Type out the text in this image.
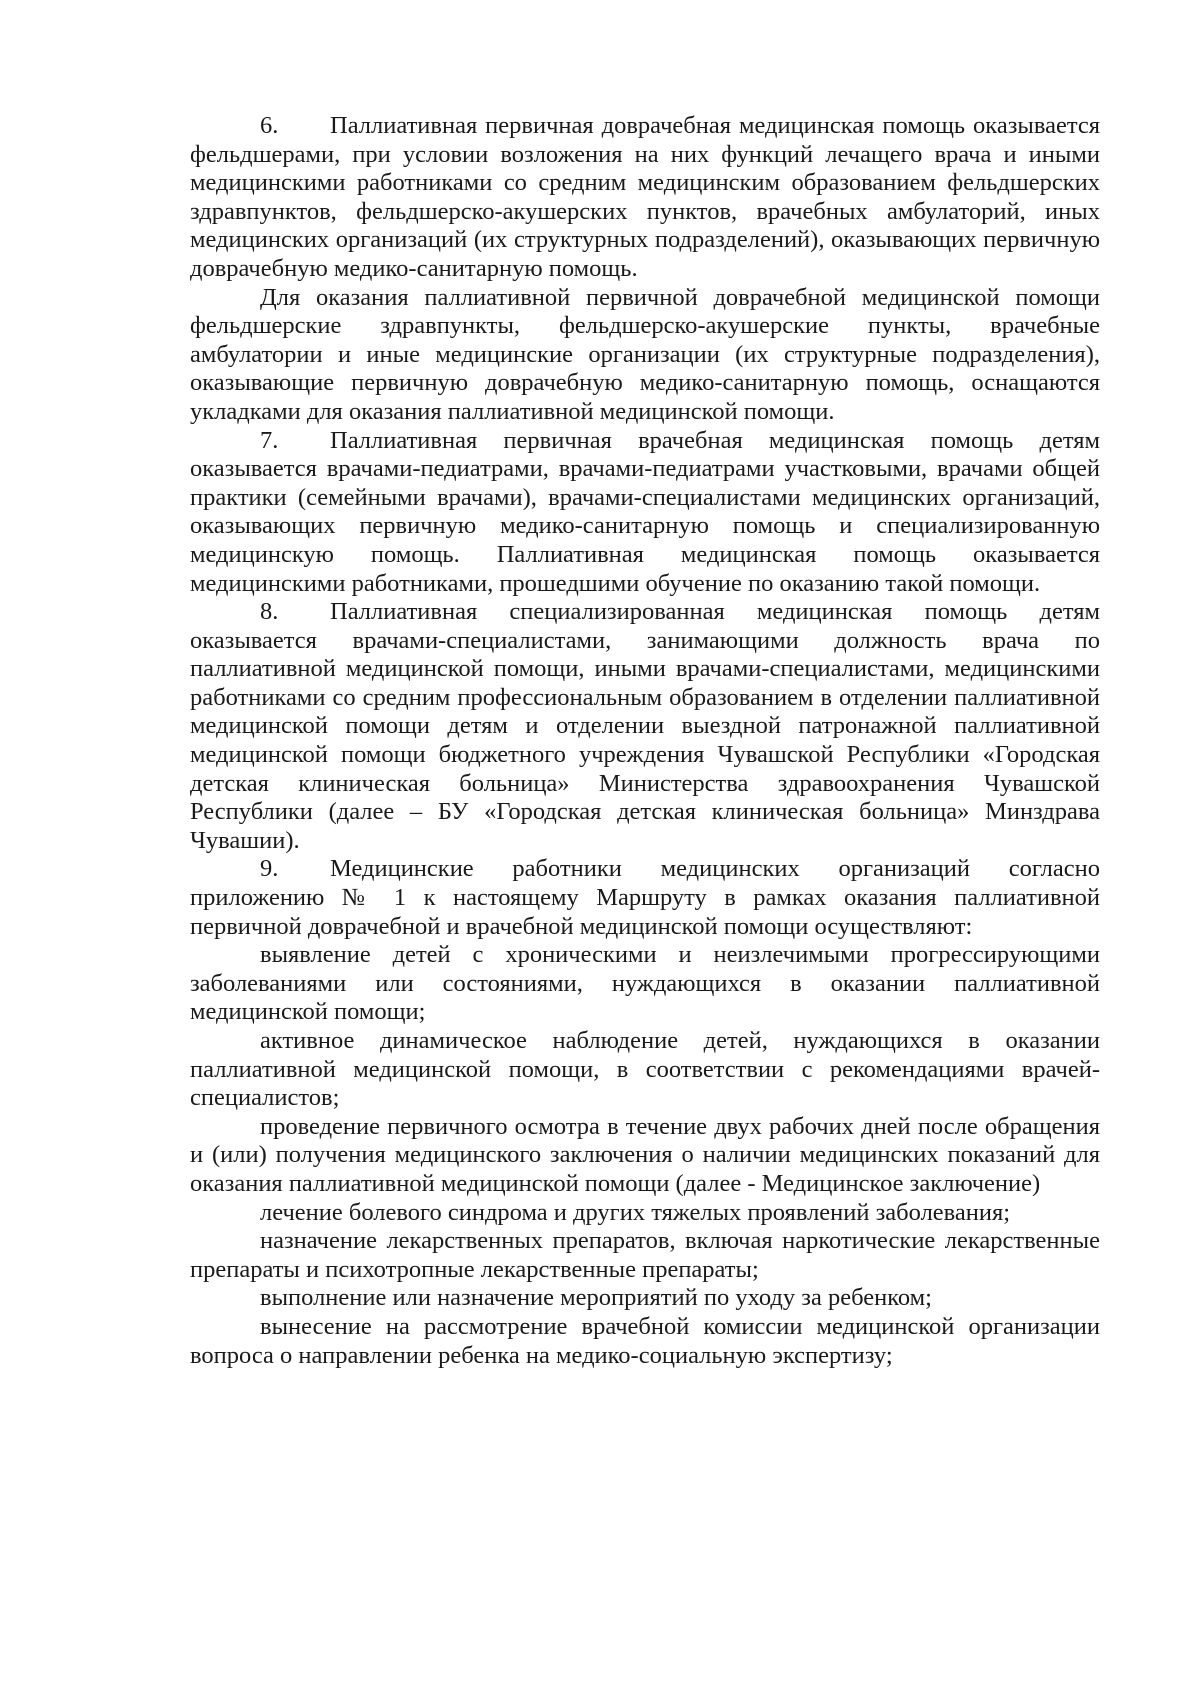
6. Паллиативная первичная доврачебная медицинская помощь оказывается фельдшерами, при условии возложения на них функций лечащего врача и иными медицинскими работниками со средним медицинским образованием фельдшерских здравпунктов, фельдшерско-акушерских пунктов, врачебных амбулаторий, иных медицинских организаций (их структурных подразделений), оказывающих первичную доврачебную медико-санитарную помощь.

Для оказания паллиативной первичной доврачебной медицинской помощи фельдшерские здравпункты, фельдшерско-акушерские пункты, врачебные амбулатории и иные медицинские организации (их структурные подразделения), оказывающие первичную доврачебную медико-санитарную помощь, оснащаются укладками для оказания паллиативной медицинской помощи.

7. Паллиативная первичная врачебная медицинская помощь детям оказывается врачами-педиатрами, врачами-педиатрами участковыми, врачами общей практики (семейными врачами), врачами-специалистами медицинских организаций, оказывающих первичную медико-санитарную помощь и специализированную медицинскую помощь. Паллиативная медицинская помощь оказывается медицинскими работниками, прошедшими обучение по оказанию такой помощи.

8. Паллиативная специализированная медицинская помощь детям оказывается врачами-специалистами, занимающими должность врача по паллиативной медицинской помощи, иными врачами-специалистами, медицинскими работниками со средним профессиональным образованием в отделении паллиативной медицинской помощи детям и отделении выездной патронажной паллиативной медицинской помощи бюджетного учреждения Чувашской Республики «Городская детская клиническая больница» Министерства здравоохранения Чувашской Республики (далее – БУ «Городская детская клиническая больница» Минздрава Чувашии).

9. Медицинские работники медицинских организаций согласно приложению № 1 к настоящему Маршруту в рамках оказания паллиативной первичной доврачебной и врачебной медицинской помощи осуществляют:

выявление детей с хроническими и неизлечимыми прогрессирующими заболеваниями или состояниями, нуждающихся в оказании паллиативной медицинской помощи;

активное динамическое наблюдение детей, нуждающихся в оказании паллиативной медицинской помощи, в соответствии с рекомендациями врачей-специалистов;

проведение первичного осмотра в течение двух рабочих дней после обращения и (или) получения медицинского заключения о наличии медицинских показаний для оказания паллиативной медицинской помощи (далее - Медицинское заключение)

лечение болевого синдрома и других тяжелых проявлений заболевания;

назначение лекарственных препаратов, включая наркотические лекарственные препараты и психотропные лекарственные препараты;

выполнение или назначение мероприятий по уходу за ребенком;

вынесение на рассмотрение врачебной комиссии медицинской организации вопроса о направлении ребенка на медико-социальную экспертизу;
